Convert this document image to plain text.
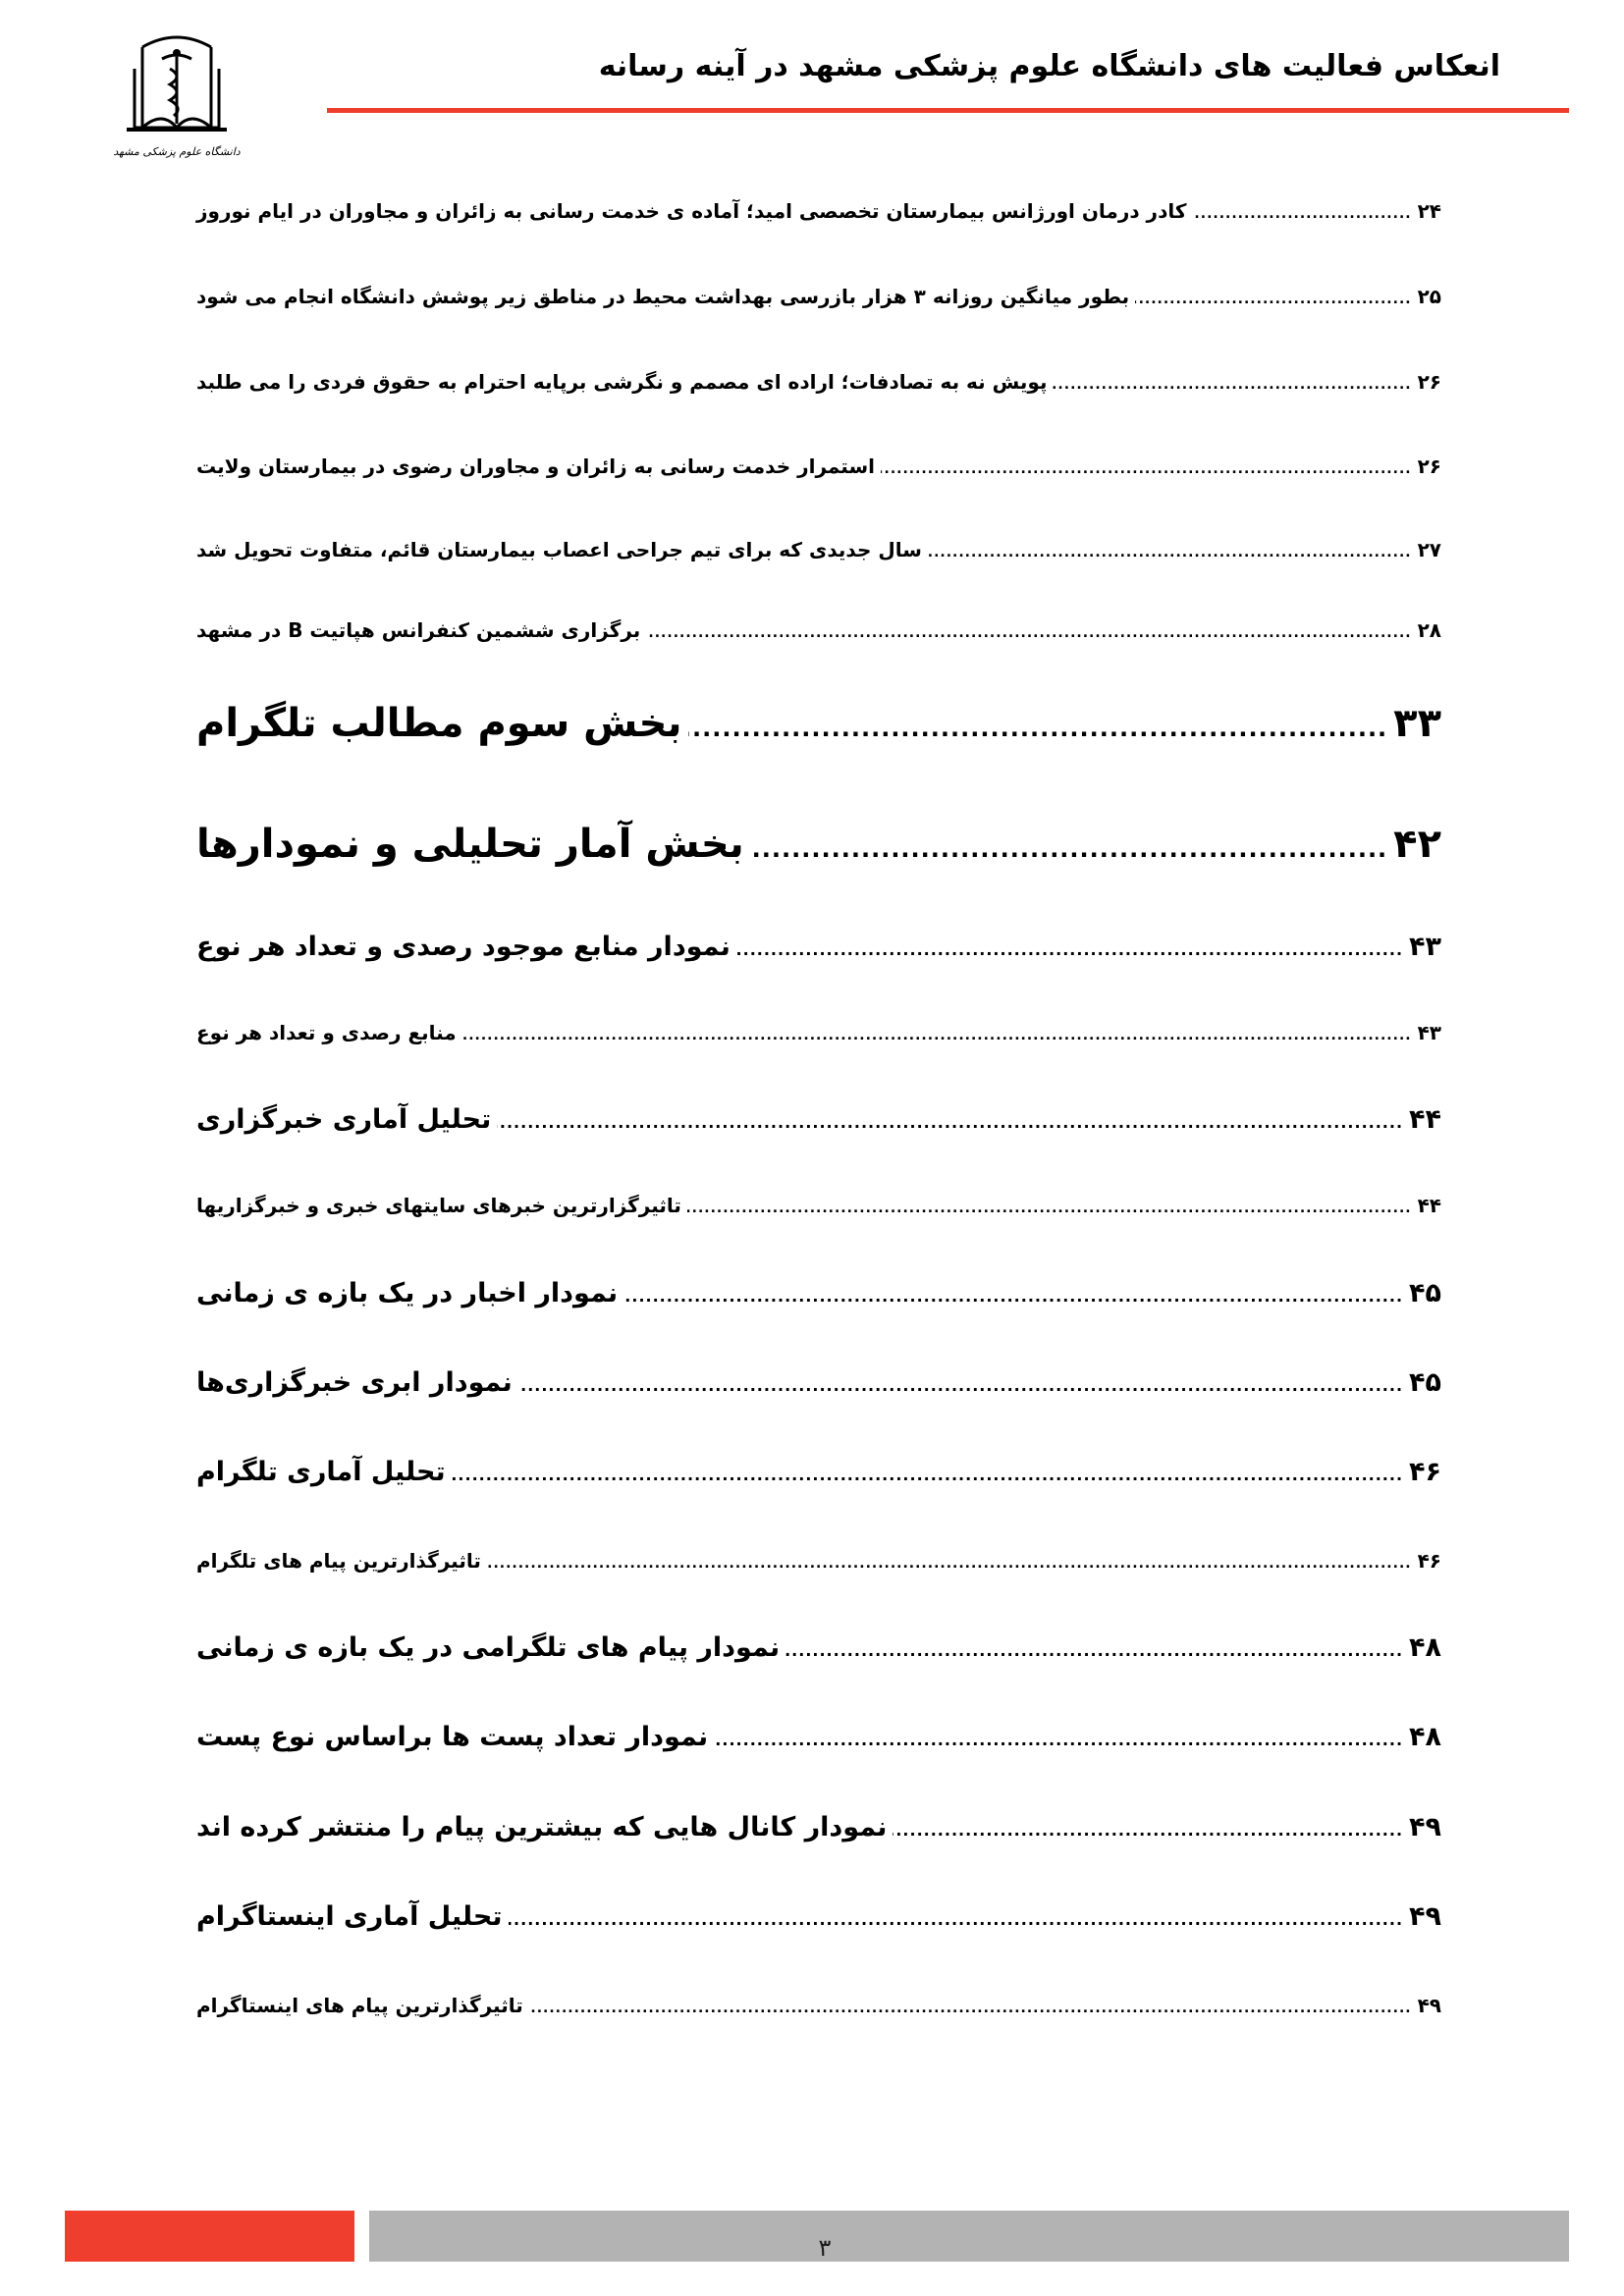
انعکاس فعالیت های دانشگاه علوم پزشکی مشهد در آینه رسانه
دانشگاه علوم پزشکی مشهد
کادر درمان اورژانس بیمارستان تخصصی امید؛ آماده ی خدمت رسانی به زائران و مجاوران در ایام نوروز .....	۲۴
بطور میانگین روزانه ۳ هزار بازرسی بهداشت محیط در مناطق زیر پوشش دانشگاه انجام می شود .....	۲۵
پویش نه به تصادفات؛ اراده ای مصمم و نگرشی برپایه احترام به حقوق فردی را می طلبد .....	۲۶
استمرار خدمت رسانی به زائران و مجاوران رضوی در بیمارستان ولایت .....	۲۶
سال جدیدی که برای تیم جراحی اعصاب بیمارستان قائم، متفاوت تحویل شد .....	۲۷
برگزاری ششمین کنفرانس هپاتیت B در مشهد .....	۲۸
بخش سوم مطالب تلگرام .....	۳۳
بخش آمار تحلیلی و نمودارها .....	۴۲
نمودار منابع موجود رصدی و تعداد هر نوع .....	۴۳
منابع رصدی و تعداد هر نوع .....	۴۳
تحلیل آماری خبرگزاری .....	۴۴
تاثیرگزارترین خبرهای سایتهای خبری و خبرگزاریها .....	۴۴
نمودار اخبار در یک بازه ی زمانی .....	۴۵
نمودار ابری خبرگزاری‌ها .....	۴۵
تحلیل آماری تلگرام .....	۴۶
تاثیرگذارترین پیام های تلگرام .....	۴۶
نمودار پیام های تلگرامی در یک بازه ی زمانی .....	۴۸
نمودار تعداد پست ها براساس نوع پست .....	۴۸
نمودار کانال هایی که بیشترین پیام را منتشر کرده اند .....	۴۹
تحلیل آماری اینستاگرام .....	۴۹
تاثیرگذارترین پیام های اینستاگرام .....	۴۹
۳
